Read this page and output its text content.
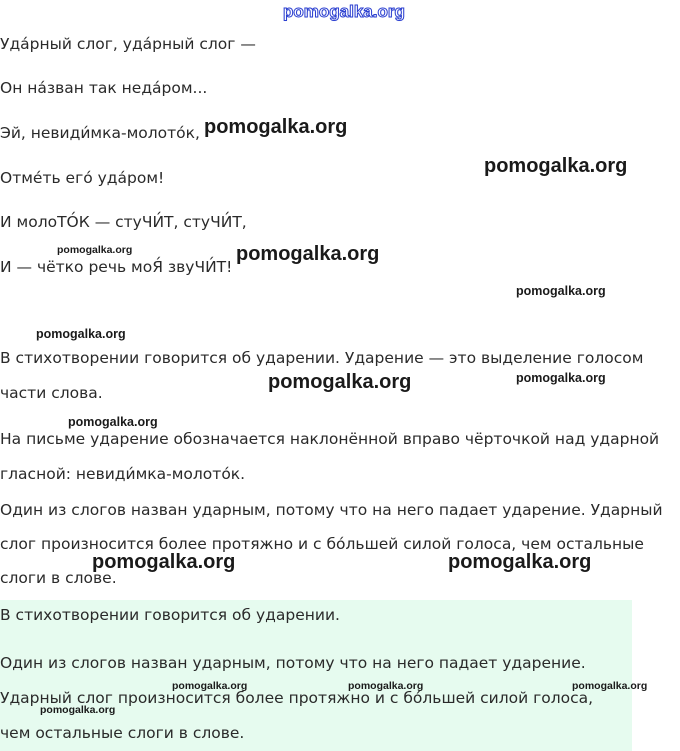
pomogalka.org
Уда́рный слог, уда́рный слог —
Он на́зван так неда́ром...
Эй, невиди́мка-молото́к,
Отме́ть его́ уда́ром!
И молоТО́К — стуЧИ́Т, стуЧИ́Т,
И — чётко речь моЯ́ звуЧИ́Т!
В стихотворении говорится об ударении. Ударение — это выделение голосом части слова.
На письме ударение обозначается наклонённой вправо чёрточкой над ударной гласной: невиди́мка-молото́к.
Один из слогов назван ударным, потому что на него падает ударение. Ударный слог произносится более протяжно и с бо́льшей силой голоса, чем остальные слоги в слове.
В стихотворении говорится об ударении.
Один из слогов назван ударным, потому что на него падает ударение.
Ударный слог произносится более протяжно и с бо́льшей силой голоса,
чем остальные слоги в слове.
pomogalka.org
pomogalka.org
pomogalka.org	pomogalka.org
pomogalka.org
pomogalka.org
pomogalka.org	pomogalka.org
pomogalka.org
pomogalka.org	pomogalka.org
pomogalka.org	pomogalka.org	pomogalka.org
pomogalka.org
